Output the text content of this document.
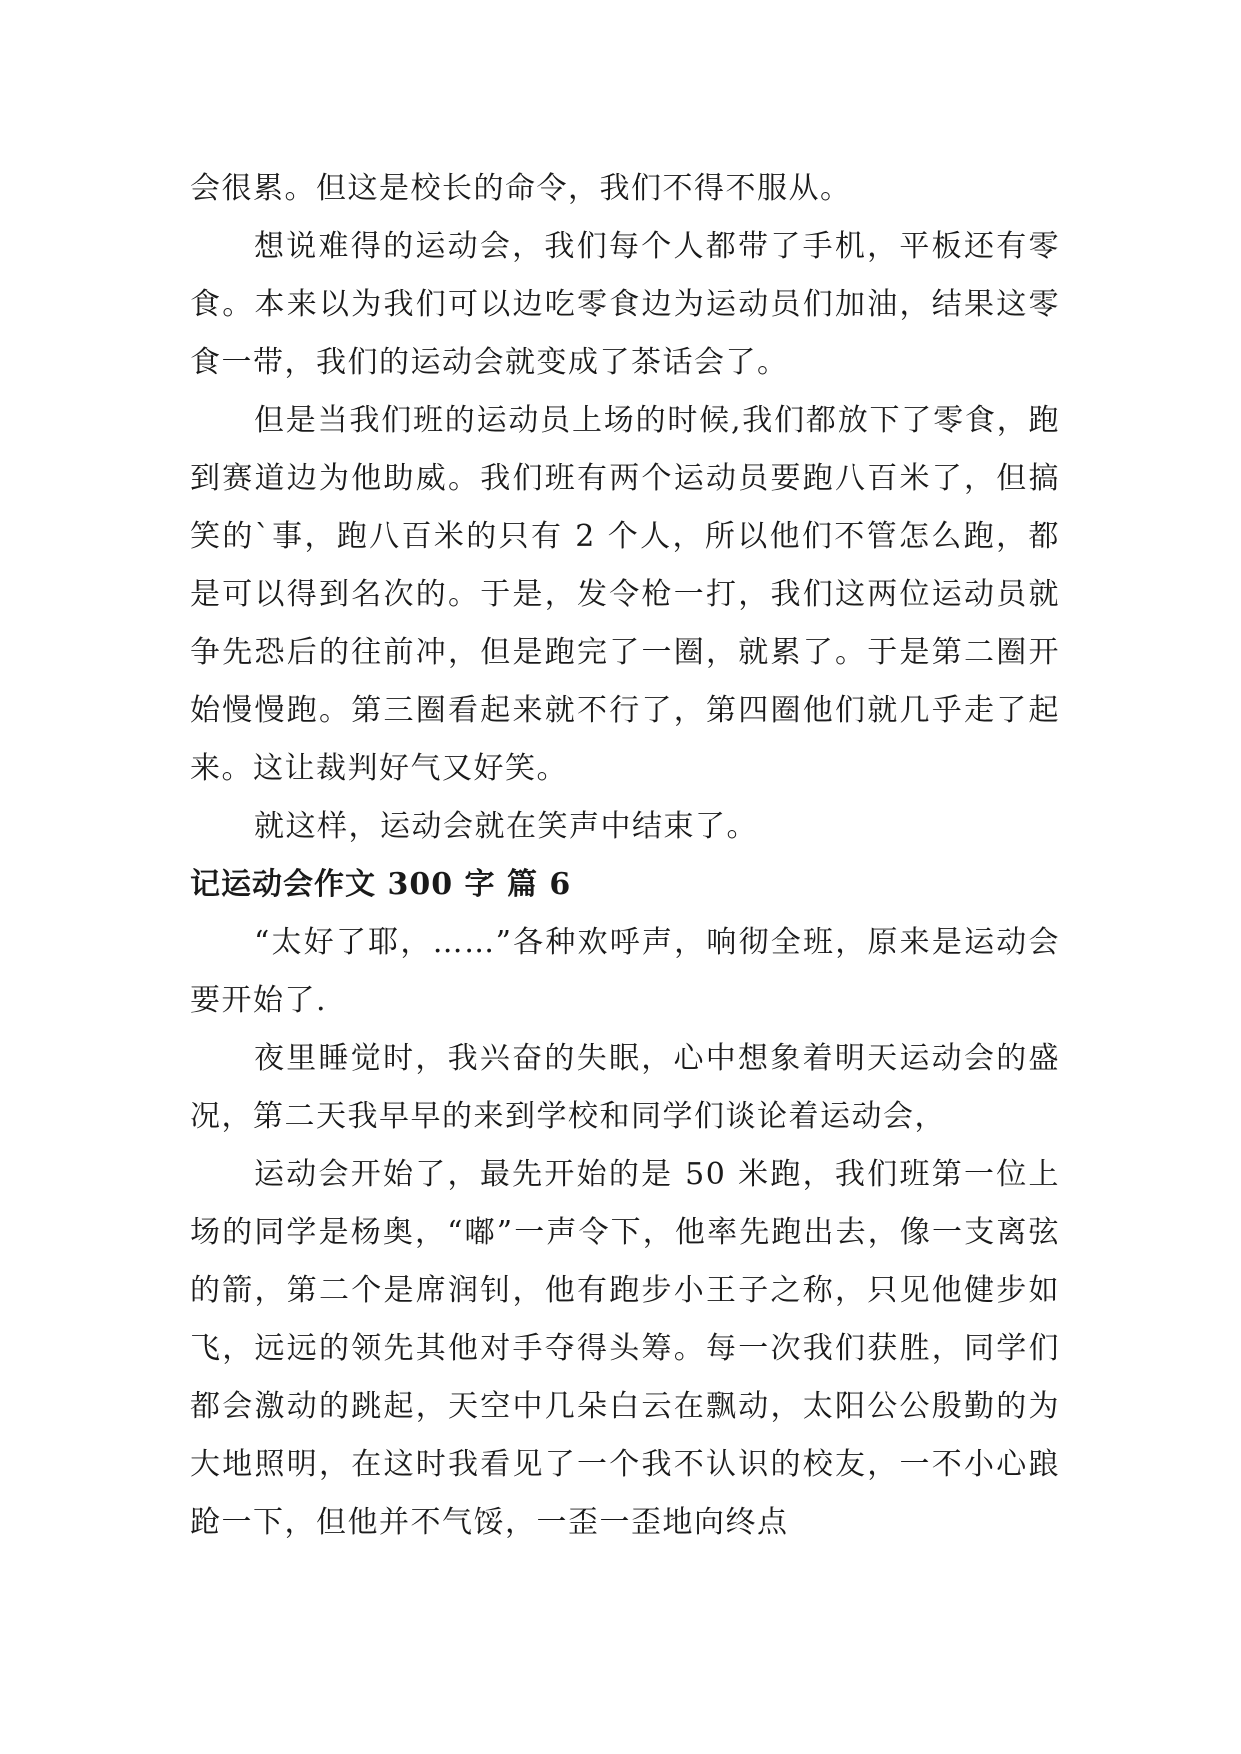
会很累。但这是校长的命令，我们不得不服从。

想说难得的运动会，我们每个人都带了手机，平板还有零食。本来以为我们可以边吃零食边为运动员们加油，结果这零食一带，我们的运动会就变成了茶话会了。

但是当我们班的运动员上场的时候,我们都放下了零食，跑到赛道边为他助威。我们班有两个运动员要跑八百米了，但搞笑的`事，跑八百米的只有 2 个人，所以他们不管怎么跑，都是可以得到名次的。于是，发令枪一打，我们这两位运动员就争先恐后的往前冲，但是跑完了一圈，就累了。于是第二圈开始慢慢跑。第三圈看起来就不行了，第四圈他们就几乎走了起来。这让裁判好气又好笑。

就这样，运动会就在笑声中结束了。

记运动会作文 300 字 篇 6

“太好了耶，……”各种欢呼声，响彻全班，原来是运动会要开始了.

夜里睡觉时，我兴奋的失眠，心中想象着明天运动会的盛况，第二天我早早的来到学校和同学们谈论着运动会，

运动会开始了，最先开始的是 50 米跑，我们班第一位上场的同学是杨奥，“嘟”一声令下，他率先跑出去，像一支离弦的箭，第二个是席润钊，他有跑步小王子之称，只见他健步如飞，远远的领先其他对手夺得头筹。每一次我们获胜，同学们都会激动的跳起，天空中几朵白云在飘动，太阳公公殷勤的为大地照明，在这时我看见了一个我不认识的校友，一不小心踉跄一下，但他并不气馁，一歪一歪地向终点
